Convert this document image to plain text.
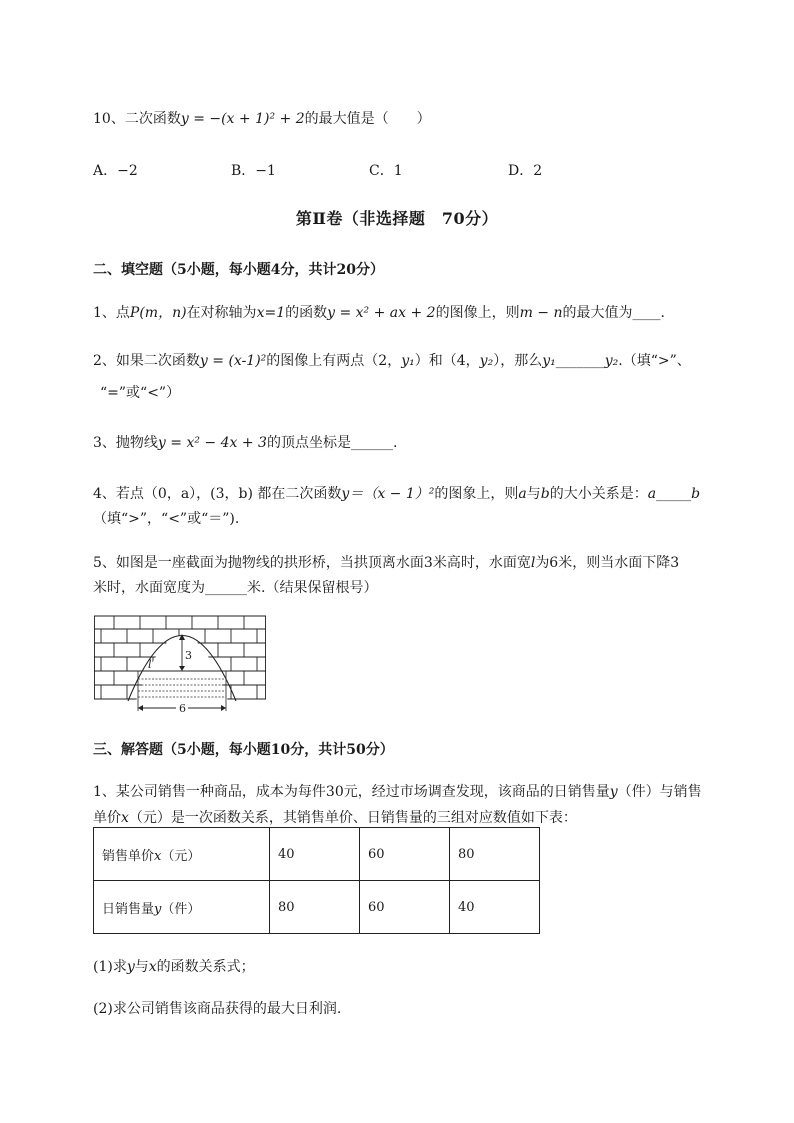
10、二次函数y = −(x + 1)² + 2的最大值是（　　）
A．−2	B．−1	C．1	D．2
第Ⅱ卷（非选择题　70分）
二、填空题（5小题，每小题4分，共计20分）
1、点P(m，n)在对称轴为x=1的函数y = x² + ax + 2的图像上，则m − n的最大值为____.
2、如果二次函数y = (x-1)²的图像上有两点（2，y₁）和（4，y₂），那么y₁_______y₂.（填“>”、
“=”或“<”）
3、抛物线y = x² − 4x + 3的顶点坐标是______.
4、若点（0，a），(3，b) 都在二次函数y＝（x − 1）²的图象上，则a与b的大小关系是：a_____b
（填“>”，“<”或“＝”).
5、如图是一座截面为抛物线的拱形桥，当拱顶离水面3米高时，水面宽l为6米，则当水面下降3
米时，水面宽度为______米.（结果保留根号）
3
l
6
三、解答题（5小题，每小题10分，共计50分）
1、某公司销售一种商品，成本为每件30元，经过市场调查发现，该商品的日销售量y（件）与销售
单价x（元）是一次函数关系，其销售单价、日销售量的三组对应数值如下表：
销售单价x（元）	40	60	80
日销售量y（件）	80	60	40
(1)求y与x的函数关系式；
(2)求公司销售该商品获得的最大日利润.
